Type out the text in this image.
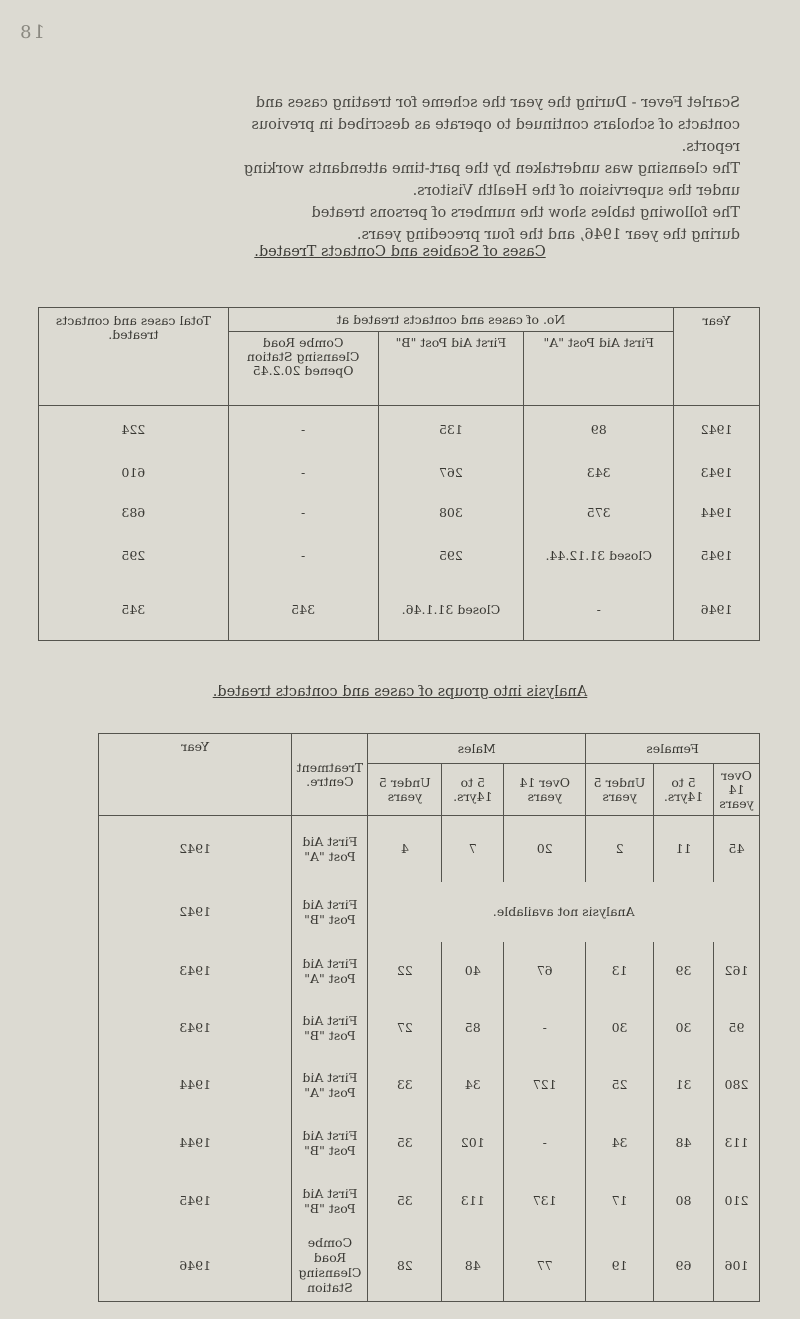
18

Scarlet Fever - During the year the scheme for treating cases and

contacts of scholars continued to operate as described in previous

reports.

The cleansing was undertaken by the part-time attendants working

under the supervision of the Health Visitors.

The following tables show the numbers of persons treated

during the year 1946, and the four preceding years.

Cases of Scabies and Contacts Treated.
Year	No. of cases and contacts treated at			Total cases and contacts treated.
	First Aid Post "A"	First Aid Post "B"	Combe Road Cleansing Station Opened 20.2.45	
1942	89	135	-	224
1943	343	267	-	610
1944	375	308	-	683
1945	Closed 31.12.44.	295	-	295
1946	-	Closed 31.1.46.	345	345
Analysis into groups of cases and contacts treated.
Females			Males			Treatment Centre.	Year
Over 14 years	5 to 14yrs.	Under 5 years	Over 14 years	5 to 14yrs.	Under 5 years		
45	11	2	20	7	4	First Aid Post "A"	1942
Analysis not available.						First Aid Post "B"	1942
162	39	13	67	40	22	First Aid Post "A"	1943
95	30	30	-	85	27	First Aid Post "B"	1943
280	31	25	127	34	33	First Aid Post "A"	1944
113	48	34	-	102	35	First Aid Post "B"	1944
210	80	17	137	113	35	First Aid Post "B"	1945
106	69	19	77	48	28	Combe Road Cleansing Station	1946
